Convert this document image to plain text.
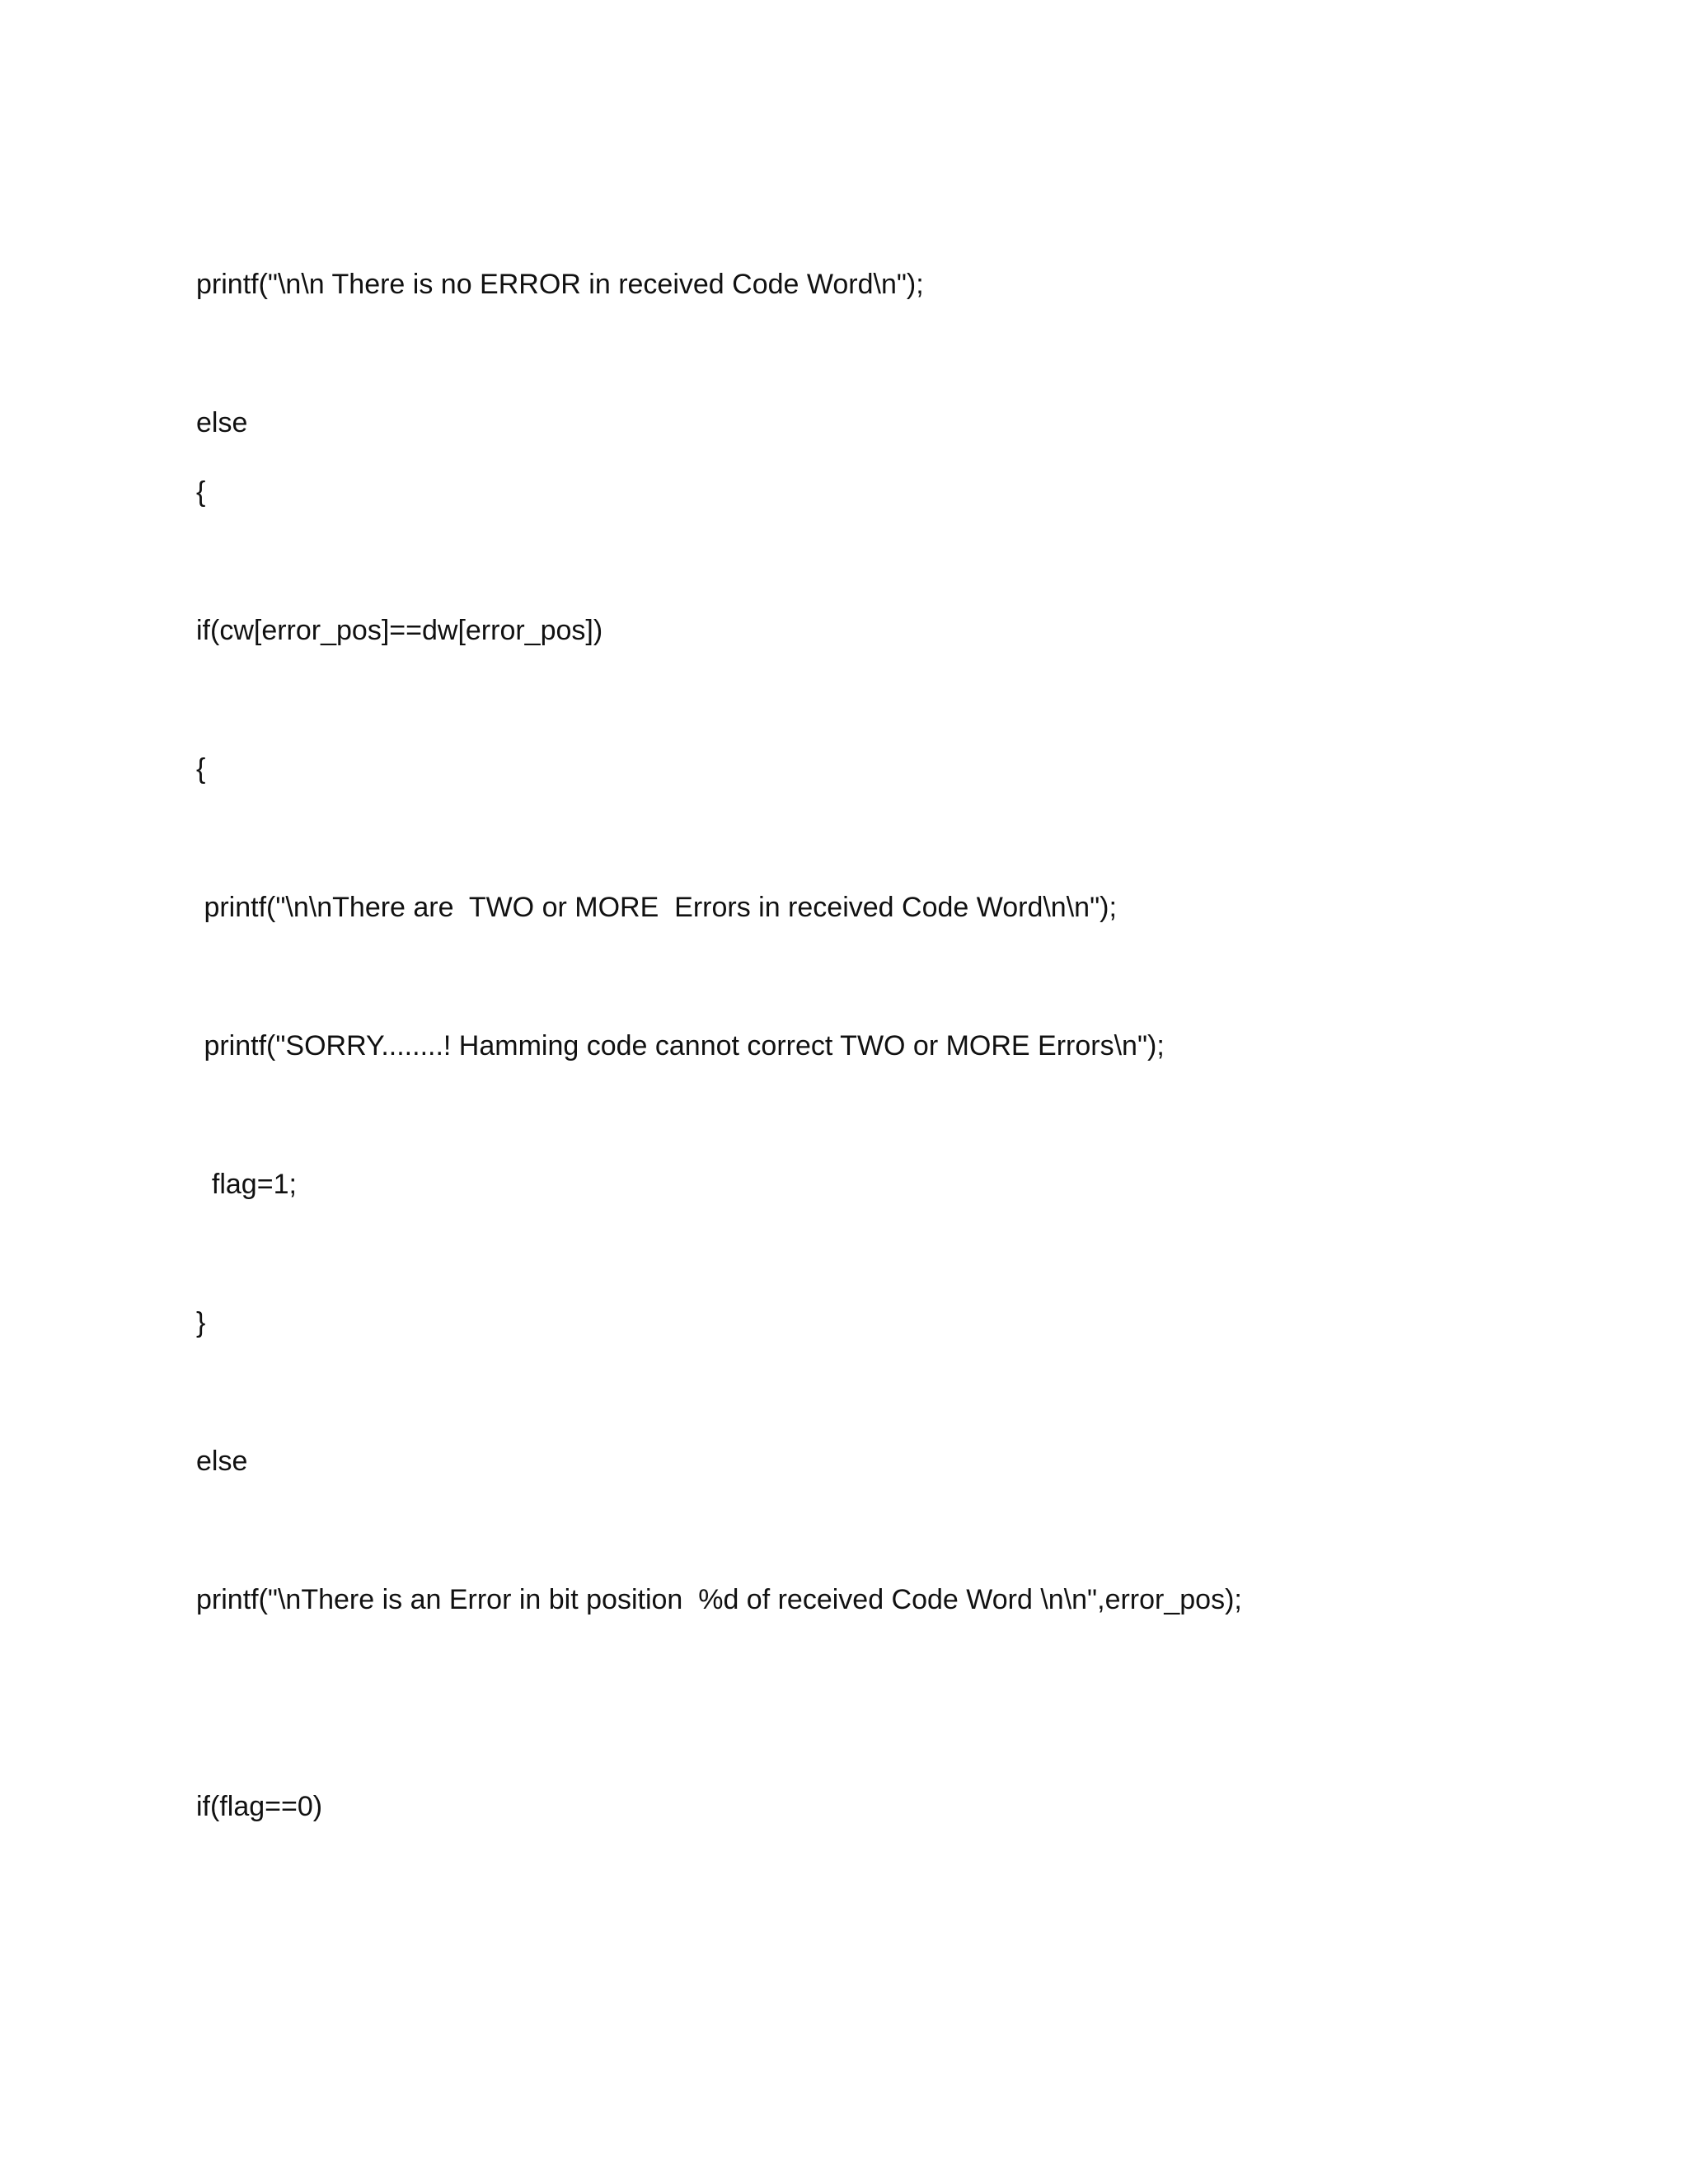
printf("\n\n There is no ERROR in received Code Word\n");
else
{
if(cw[error_pos]==dw[error_pos])
{
printf("\n\nThere are  TWO or MORE  Errors in received Code Word\n\n");
printf("SORRY........! Hamming code cannot correct TWO or MORE Errors\n");
flag=1;
}
else
printf("\nThere is an Error in bit position  %d of received Code Word \n\n",error_pos);
if(flag==0)
